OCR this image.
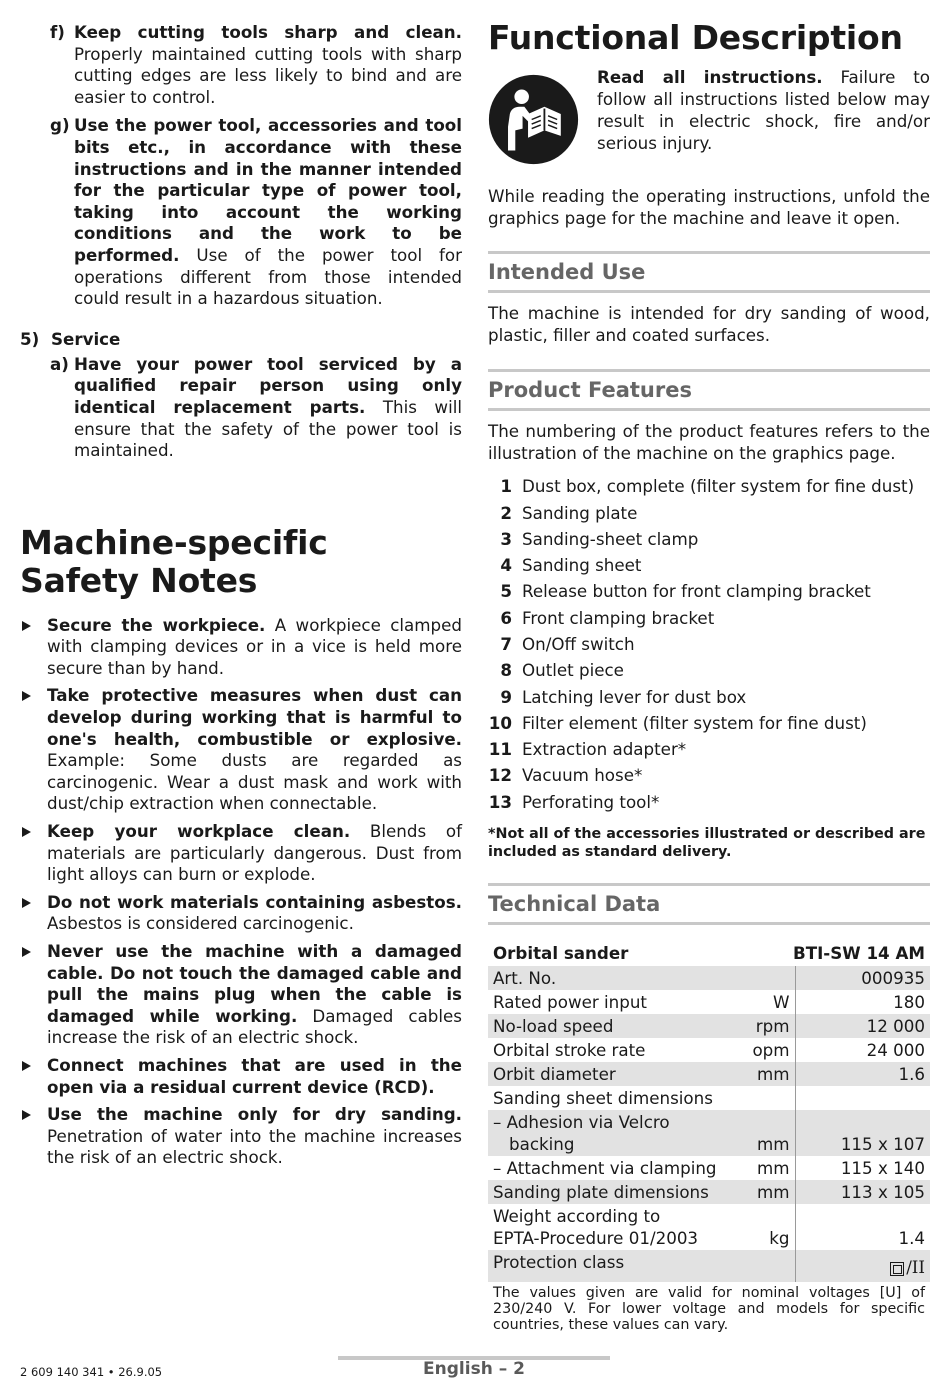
f) Keep cutting tools sharp and clean. Properly maintained cutting tools with sharp cutting edges are less likely to bind and are easier to control.
g) Use the power tool, accessories and tool bits etc., in accordance with these instructions and in the manner intended for the particular type of power tool, taking into account the working conditions and the work to be performed. Use of the power tool for operations different from those intended could result in a hazardous situation.
5) Service
a) Have your power tool serviced by a qualified repair person using only identical replacement parts. This will ensure that the safety of the power tool is maintained.
Machine-specific
Safety Notes
Secure the workpiece. A workpiece clamped with clamping devices or in a vice is held more secure than by hand.
Take protective measures when dust can develop during working that is harmful to one's health, combustible or explosive. Example: Some dusts are regarded as carcinogenic. Wear a dust mask and work with dust/chip extraction when connectable.
Keep your workplace clean. Blends of materials are particularly dangerous. Dust from light alloys can burn or explode.
Do not work materials containing asbestos. Asbestos is considered carcinogenic.
Never use the machine with a damaged cable. Do not touch the damaged cable and pull the mains plug when the cable is damaged while working. Damaged cables increase the risk of an electric shock.
Connect machines that are used in the open via a residual current device (RCD).
Use the machine only for dry sanding. Penetration of water into the machine increases the risk of an electric shock.
Functional Description
Read all instructions. Failure to follow all instructions listed below may result in electric shock, fire and/or serious injury.

While reading the operating instructions, unfold the graphics page for the machine and leave it open.

Intended Use

The machine is intended for dry sanding of wood, plastic, filler and coated surfaces.

Product Features

The numbering of the product features refers to the illustration of the machine on the graphics page.

1 Dust box, complete (filter system for fine dust)
2 Sanding plate
3 Sanding-sheet clamp
4 Sanding sheet
5 Release button for front clamping bracket
6 Front clamping bracket
7 On/Off switch
8 Outlet piece
9 Latching lever for dust box
10 Filter element (filter system for fine dust)
11 Extraction adapter*
12 Vacuum hose*
13 Perforating tool*

*Not all of the accessories illustrated or described are included as standard delivery.

Technical Data
Orbital sander	BTI-SW 14 AM	
Art. No.		000935
Rated power input	W	180
No-load speed	rpm	12 000
Orbital stroke rate	opm	24 000
Orbit diameter	mm	1.6
Sanding sheet dimensions		
– Adhesion via Velcro
backing	mm	115 x 107
– Attachment via clamping	mm	115 x 140
Sanding plate dimensions	mm	113 x 105
Weight according to
EPTA-Procedure 01/2003	kg	1.4
Protection class		/II

The values given are valid for nominal voltages [U] of 230/240 V. For lower voltage and models for specific countries, these values can vary.

2 609 140 341 • 26.9.05	English – 2
